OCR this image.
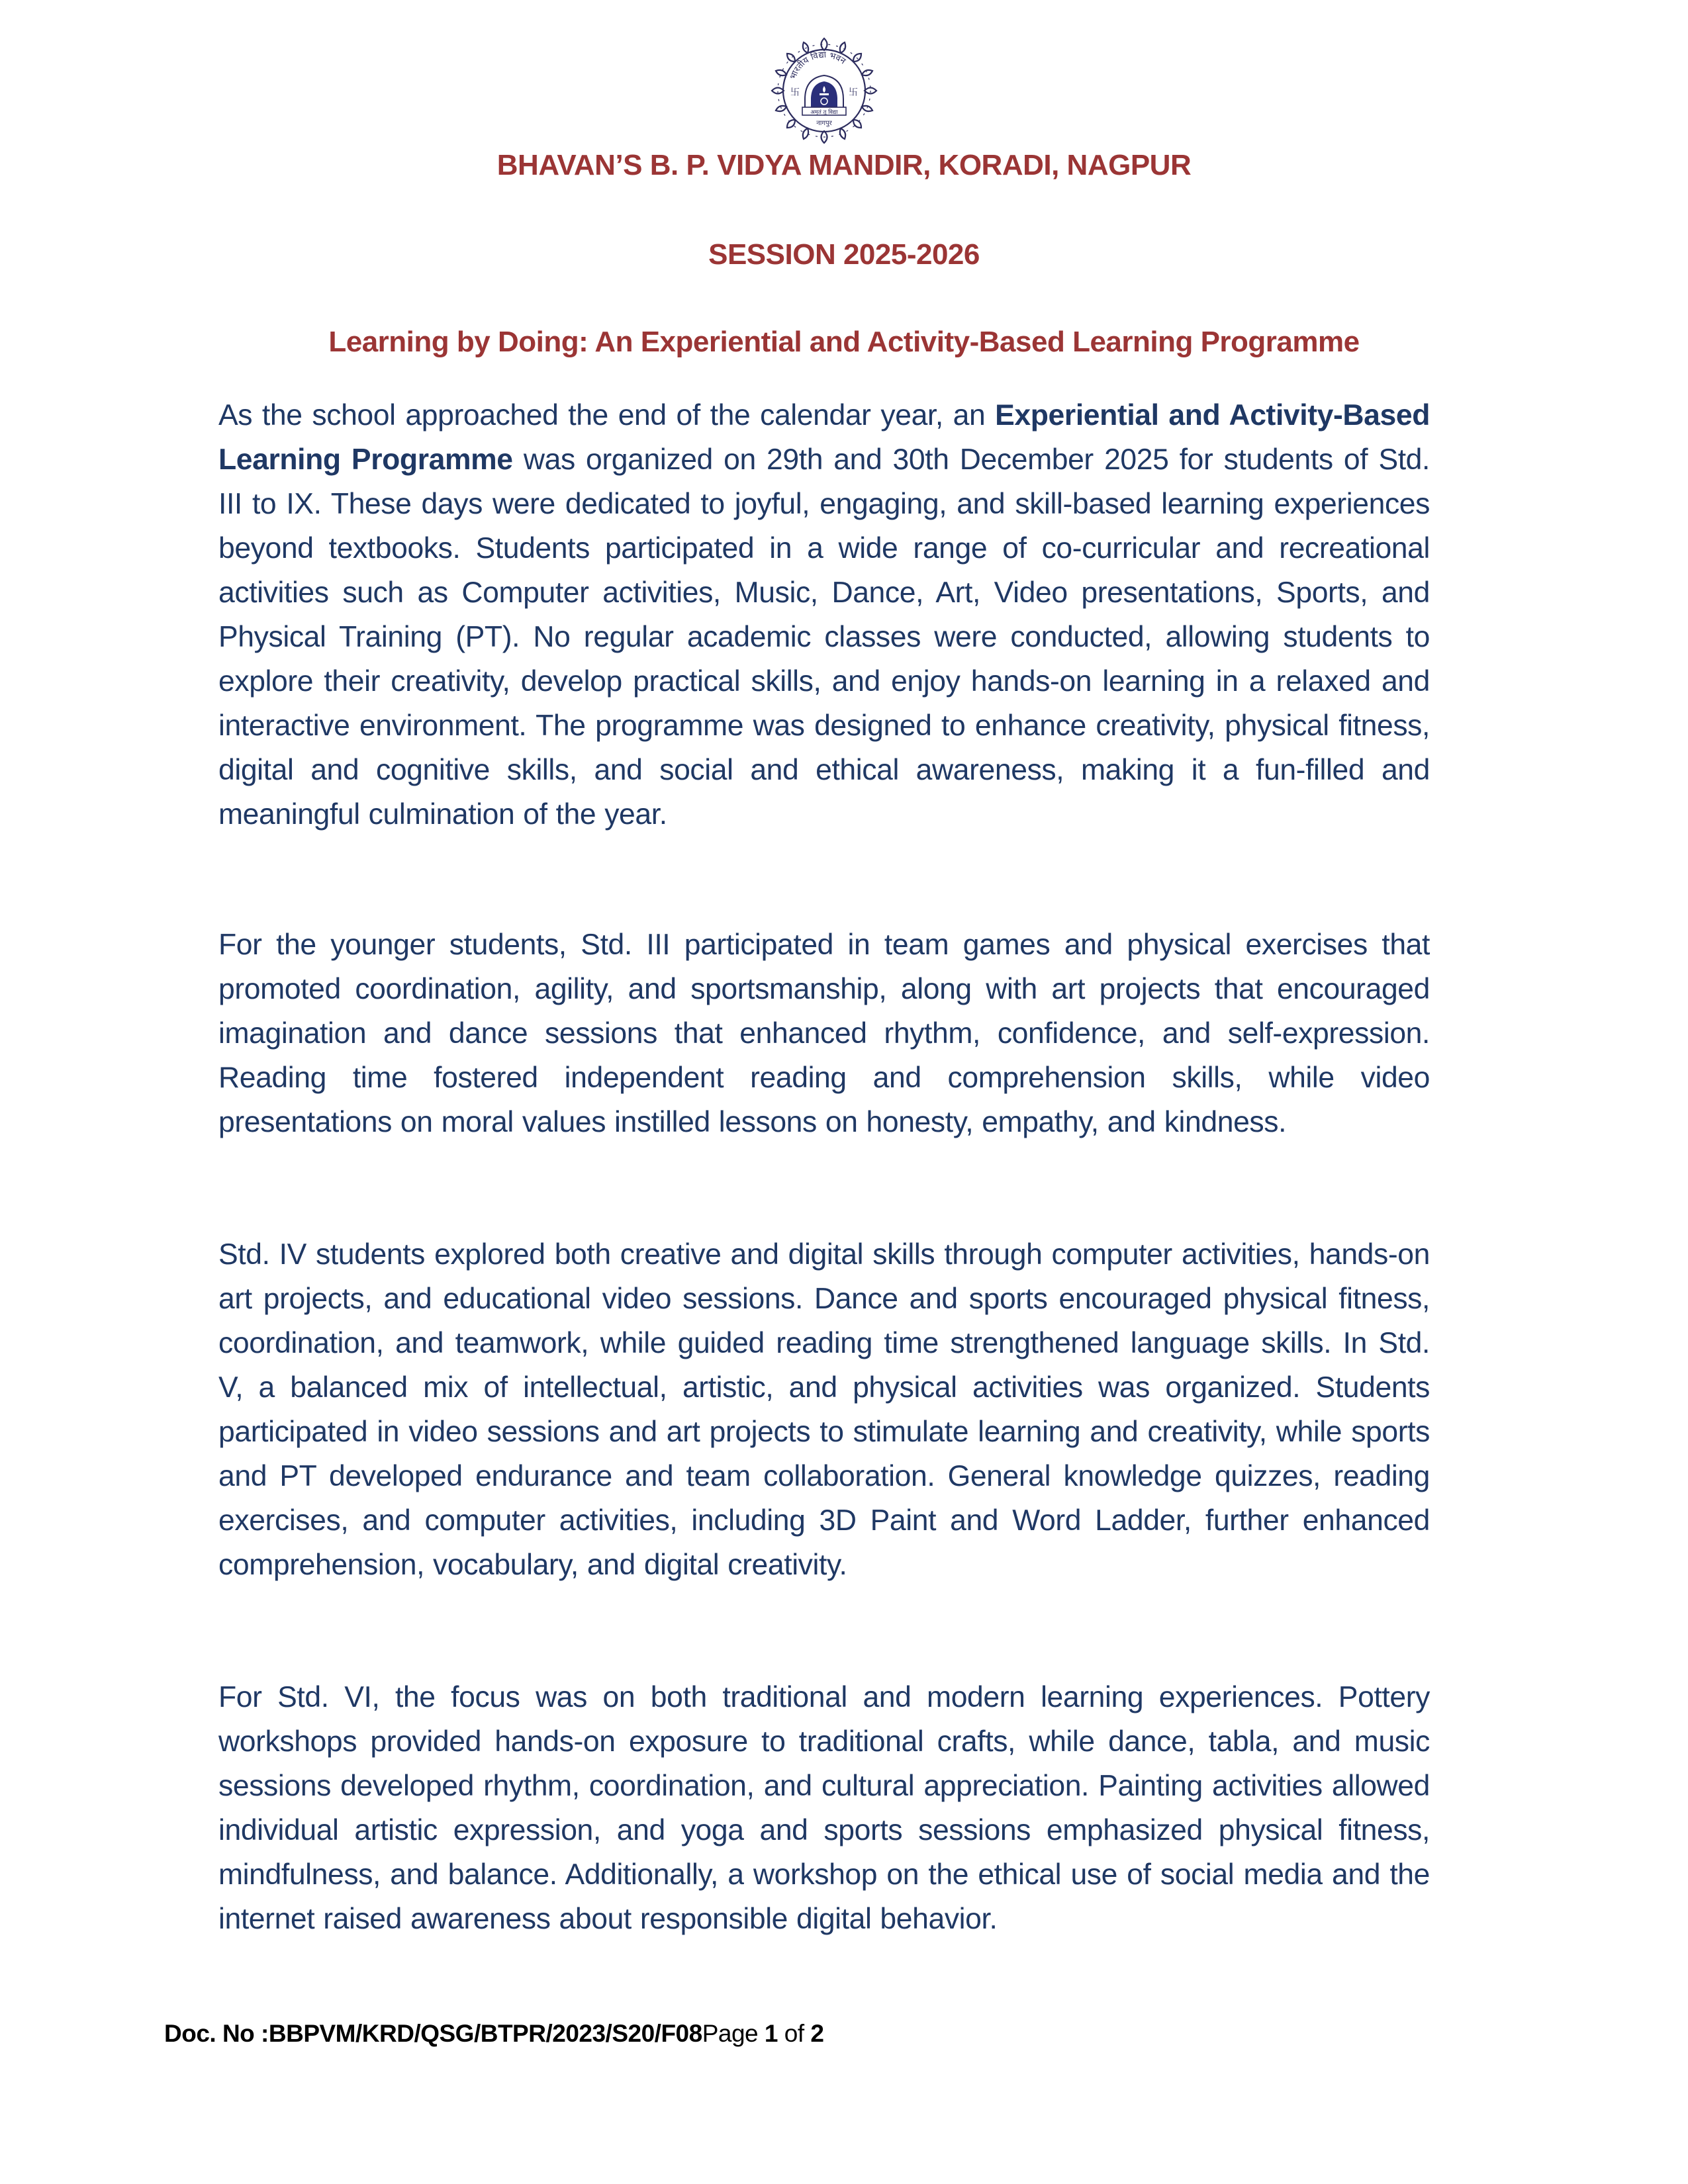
भारतीय विद्या भवन
卐	卐
अमृतं तु विद्या
नागपुर
BHAVAN’S B. P. VIDYA MANDIR, KORADI, NAGPUR
SESSION 2025-2026
Learning by Doing: An Experiential and Activity-Based Learning Programme

As the school approached the end of the calendar year, an Experiential and Activity-Based Learning Programme was organized on 29th and 30th December 2025 for students of Std. III to IX. These days were dedicated to joyful, engaging, and skill-based learning experiences beyond textbooks. Students participated in a wide range of co-curricular and recreational activities such as Computer activities, Music, Dance, Art, Video presentations, Sports, and Physical Training (PT). No regular academic classes were conducted, allowing students to explore their creativity, develop practical skills, and enjoy hands-on learning in a relaxed and interactive environment. The programme was designed to enhance creativity, physical fitness, digital and cognitive skills, and social and ethical awareness, making it a fun-filled and meaningful culmination of the year.

For the younger students, Std. III participated in team games and physical exercises that promoted coordination, agility, and sportsmanship, along with art projects that encouraged imagination and dance sessions that enhanced rhythm, confidence, and self-expression. Reading time fostered independent reading and comprehension skills, while video presentations on moral values instilled lessons on honesty, empathy, and kindness.

Std. IV students explored both creative and digital skills through computer activities, hands-on art projects, and educational video sessions. Dance and sports encouraged physical fitness, coordination, and teamwork, while guided reading time strengthened language skills. In Std. V, a balanced mix of intellectual, artistic, and physical activities was organized. Students participated in video sessions and art projects to stimulate learning and creativity, while sports and PT developed endurance and team collaboration. General knowledge quizzes, reading exercises, and computer activities, including 3D Paint and Word Ladder, further enhanced comprehension, vocabulary, and digital creativity.

For Std. VI, the focus was on both traditional and modern learning experiences. Pottery workshops provided hands-on exposure to traditional crafts, while dance, tabla, and music sessions developed rhythm, coordination, and cultural appreciation. Painting activities allowed individual artistic expression, and yoga and sports sessions emphasized physical fitness, mindfulness, and balance. Additionally, a workshop on the ethical use of social media and the internet raised awareness about responsible digital behavior.

Doc. No :BBPVM/KRD/QSG/BTPR/2023/S20/F08Page 1 of 2
